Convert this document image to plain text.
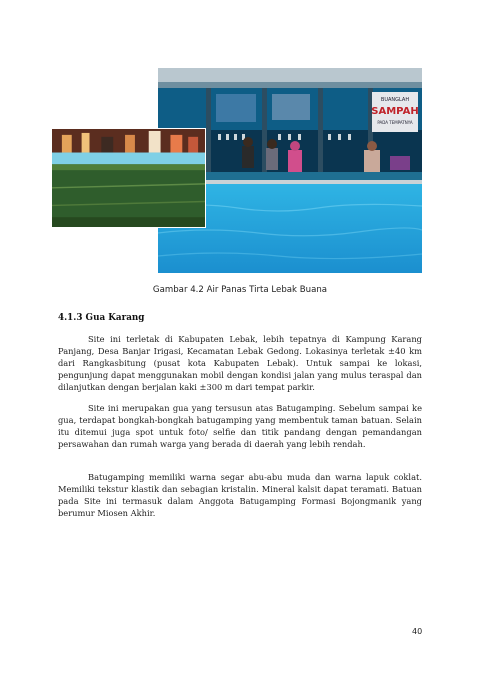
BUANGLAH
SAMPAH
PADA TEMPATNYA
Gambar 4.2 Air Panas Tirta Lebak Buana
4.1.3 Gua Karang

Site ini terletak di Kabupaten Lebak, lebih tepatnya di Kampung Karang Panjang, Desa Banjar Irigasi, Kecamatan Lebak Gedong. Lokasinya terletak ±40 km dari Rangkasbitung (pusat kota Kabupaten Lebak). Untuk sampai ke lokasi, pengunjung dapat menggunakan mobil dengan kondisi jalan yang mulus teraspal dan dilanjutkan dengan berjalan kaki ±300 m dari tempat parkir.

Site ini merupakan gua yang tersusun atas Batugamping. Sebelum sampai ke gua, terdapat bongkah-bongkah batugamping yang membentuk taman batuan. Selain itu ditemui juga spot untuk foto/ selfie dan titik pandang dengan pemandangan persawahan dan rumah warga yang berada di daerah yang lebih rendah.

Batugamping memiliki warna segar abu-abu muda dan warna lapuk coklat. Memiliki tekstur klastik dan sebagian kristalin. Mineral kalsit dapat teramati. Batuan pada Site ini termasuk dalam Anggota Batugamping Formasi Bojongmanik yang berumur Miosen Akhir.

40
